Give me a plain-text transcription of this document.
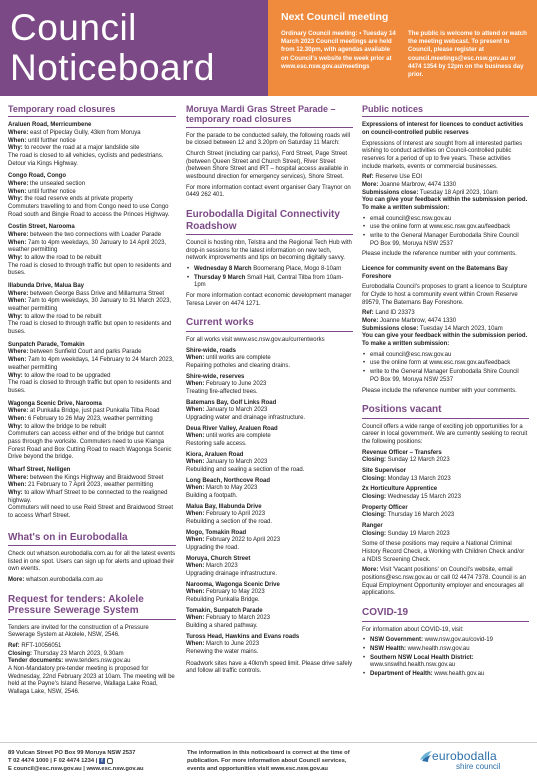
Council
Noticeboard
Next Council meeting
Ordinary Council meeting: • Tuesday 14 March 2023 Council meetings are held from 12.30pm, with agendas available on Council's website the week prior at www.esc.nsw.gov.au/meetings
The public is welcome to attend or watch the meeting webcast. To present to Council, please register at council.meetings@esc.nsw.gov.au or 4474 1354 by 12pm on the business day prior.
Temporary road closures
Araluen Road, Merricumbene
Where: east of Pipeclay Gully, 43km from Moruya
When: until further notice
Why: to recover the road at a major landslide site
The road is closed to all vehicles, cyclists and pedestrians. Detour via Kings Highway.
Congo Road, Congo
Where: the unsealed section
When: until further notice
Why: the road reserve ends at private property
Commuters travelling to and from Congo need to use Congo Road south and Bingie Road to access the Princes Highway.
Costin Street, Narooma
Where: between the two connections with Loader Parade
When: 7am to 4pm weekdays, 30 January to 14 April 2023, weather permitting
Why: to allow the road to be rebuilt
The road is closed to through traffic but open to residents and buses.
Illabunda Drive, Malua Bay
Where: between George Bass Drive and Millamurra Street
When: 7am to 4pm weekdays, 30 January to 31 March 2023, weather permitting
Why: to allow the road to be rebuilt
The road is closed to through traffic but open to residents and buses.
Sunpatch Parade, Tomakin
Where: between Sunfield Court and parks Parade
When: 7am to 4pm weekdays, 14 February to 24 March 2023, weather permitting
Why: to allow the road to be upgraded
The road is closed to through traffic but open to residents and buses.
Wagonga Scenic Drive, Narooma
Where: at Punkalla Bridge, just past Punkalla Tilba Road
When: 6 February to 26 May 2023, weather permitting
Why: to allow the bridge to be rebuilt
Commuters can access either end of the bridge but cannot pass through the worksite. Commuters need to use Kianga Forest Road and Box Cutting Road to reach Wagonga Scenic Drive beyond the bridge.
Wharf Street, Nelligen
Where: between the Kings Highway and Braidwood Street
When: 21 February to 7 April 2023, weather permitting
Why: to allow Wharf Street to be connected to the realigned highway.
Commuters will need to use Reid Street and Braidwood Street to access Wharf Street.
What's on in Eurobodalla

Check out whatson.eurobodalla.com.au for all the latest events listed in one spot. Users can sign up for alerts and upload their own events.

More: whatson.eurobodalla.com.au

Request for tenders: Akolele Pressure Sewerage System

Tenders are invited for the construction of a Pressure Sewerage System at Akolele, NSW, 2546.

Ref: RFT-10056051
Closing: Thursday 23 March 2023, 9.30am
Tender documents: www.tenders.nsw.gov.au

A Non-Mandatory pre-tender meeting is proposed for Wednesday, 22nd February 2023 at 10am. The meeting will be held at the Payne's Island Reserve, Wallaga Lake Road, Wallaga Lake, NSW, 2546.

Moruya Mardi Gras Street Parade – temporary road closures

For the parade to be conducted safely, the following roads will be closed between 12 and 3.20pm on Saturday 11 March:

Church Street (including car parks), Ford Street, Page Street (between Queen Street and Church Street), River Street (between Shore Street and IRT – hospital access available in westbound direction for emergency services), Shore Street.

For more information contact event organiser Gary Traynor on 0449 262 401.

Eurobodalla Digital Connectivity Roadshow

Council is hosting nbn, Telstra and the Regional Tech Hub with drop-in sessions for the latest information on new tech, network improvements and tips on becoming digitally savvy.

• Wednesday 8 March Boomerang Place, Mogo 8-10am
• Thursday 9 March Small Hall, Central Tilba from 10am-1pm

For more information contact economic development manager Teresa Lever on 4474 1271.

Current works

For all works visit www.esc.nsw.gov.au/currentworks

Shire-wide, roads
When: until works are complete
Repairing potholes and clearing drains.
Shire-wide, reserves
When: February to June 2023
Treating fire-affected trees.
Batemans Bay, Golf Links Road
When: January to March 2023
Upgrading water and drainage infrastructure.
Deua River Valley, Araluen Road
When: until works are complete
Restoring safe access.
Kiora, Araluen Road
When: January to March 2023
Rebuilding and sealing a section of the road.
Long Beach, Northcove Road
When: March to May 2023
Building a footpath.
Malua Bay, Illabunda Drive
When: February to April 2023
Rebuilding a section of the road.
Mogo, Tomakin Road
When: February 2022 to April 2023
Upgrading the road.
Moruya, Church Street
When: March 2023
Upgrading drainage infrastructure.
Narooma, Wagonga Scenic Drive
When: February to May 2023
Rebuilding Punkalla Bridge.
Tomakin, Sunpatch Parade
When: February to March 2023
Building a shared pathway.
Tuross Head, Hawkins and Evans roads
When: March to June 2023
Renewing the water mains.

Roadwork sites have a 40km/h speed limit. Please drive safely and follow all traffic controls.

Public notices

Expressions of interest for licences to conduct activities on council-controlled public reserves

Expressions of Interest are sought from all interested parties wishing to conduct activities on Council-controlled public reserves for a period of up to five years. These activities include markets, events or commercial businesses.

Ref: Reserve Use EOI
More: Joanne Marbrow, 4474 1330
Submissions close: Tuesday 18 April 2023, 10am

You can give your feedback within the submission period. To make a written submission:

• email council@esc.nsw.gov.au
• use the online form at www.esc.nsw.gov.au/feedback
• write to the General Manager Eurobodalla Shire Council PO Box 99, Moruya NSW 2537

Please include the reference number with your comments.

Licence for community event on the Batemans Bay Foreshore

Eurobodalla Council's proposes to grant a licence to Sculpture for Clyde to host a community event within Crown Reserve 89579, The Batemans Bay Foreshore.

Ref: Land ID 23373
More: Joanne Marbrow, 4474 1330
Submissions close: Tuesday 14 March 2023, 10am

You can give your feedback within the submission period. To make a written submission:

• email council@esc.nsw.gov.au
• use the online form at www.esc.nsw.gov.au/feedback
• write to the General Manager Eurobodalla Shire Council PO Box 99, Moruya NSW 2537

Please include the reference number with your comments.

Positions vacant

Council offers a wide range of exciting job opportunities for a career in local government. We are currently seeking to recruit the following positions:

Revenue Officer – Transfers
Closing: Sunday 12 March 2023
Site Supervisor
Closing: Monday 13 March 2023
2x Horticulture Apprentice
Closing: Wednesday 15 March 2023
Property Officer
Closing: Thursday 16 March 2023
Ranger
Closing: Sunday 19 March 2023

Some of these positions may require a National Criminal History Record Check, a Working with Children Check and/or a NDIS Screening Check.

More: Visit 'Vacant positions' on Council's website, email positions@esc.nsw.gov.au or call 02 4474 7378. Council is an Equal Employment Opportunity employer and encourages all applications.

COVID-19

For information about COVID-19, visit:

• NSW Government: www.nsw.gov.au/covid-19
• NSW Health: www.health.nsw.gov.au
• Southern NSW Local Health District: www.snswlhd.health.nsw.gov.au
• Department of Health: www.health.gov.au
89 Vulcan Street PO Box 99 Moruya NSW 2537
T 02 4474 1000 | F 02 4474 1234 | f
E council@esc.nsw.gov.au | www.esc.nsw.gov.au
The information in this noticeboard is correct at the time of publication. For more information about Council services, events and opportunities visit www.esc.nsw.gov.au
eurobodalla
shire council
